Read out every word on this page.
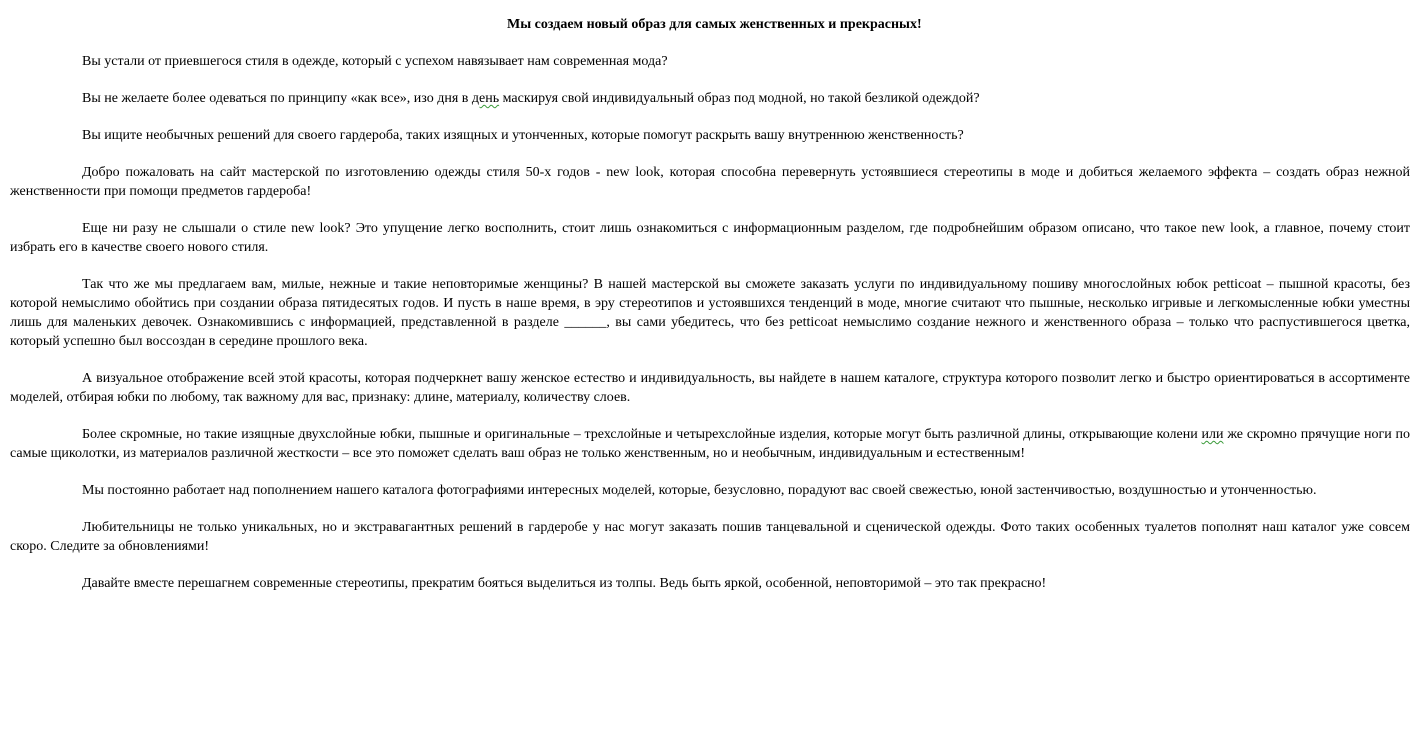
Мы создаем новый образ для самых женственных и прекрасных!

Вы устали от приевшегося стиля в одежде, который с успехом навязывает нам современная мода?

Вы не желаете более одеваться по принципу «как все», изо дня в день маскируя свой индивидуальный образ под модной, но такой безликой одеждой?

Вы ищите необычных решений для своего гардероба, таких изящных и утонченных, которые помогут раскрыть вашу внутреннюю женственность?

Добро пожаловать на сайт мастерской по изготовлению одежды стиля 50-х годов - new look, которая способна перевернуть устоявшиеся стереотипы в моде и добиться желаемого эффекта – создать образ нежной женственности при помощи предметов гардероба!

Еще ни разу не слышали о стиле new look? Это упущение легко восполнить, стоит лишь ознакомиться с информационным разделом, где подробнейшим образом описано, что такое new look, а главное, почему стоит избрать его в качестве своего нового стиля.

Так что же мы предлагаем вам, милые, нежные и такие неповторимые женщины? В нашей мастерской вы сможете заказать услуги по индивидуальному пошиву многослойных юбок petticoat – пышной красоты, без которой немыслимо обойтись при создании образа пятидесятых годов. И пусть в наше время, в эру стереотипов и устоявшихся тенденций в моде, многие считают что пышные, несколько игривые и легкомысленные юбки уместны лишь для маленьких девочек. Ознакомившись с информацией, представленной в разделе ______, вы сами убедитесь, что без petticoat немыслимо создание нежного и женственного образа – только что распустившегося цветка, который успешно был воссоздан в середине прошлого века.

А визуальное отображение всей этой красоты, которая подчеркнет вашу женское естество и индивидуальность, вы найдете в нашем каталоге, структура которого позволит легко и быстро ориентироваться в ассортименте моделей, отбирая юбки по любому, так важному для вас, признаку: длине, материалу, количеству слоев.

Более скромные, но такие изящные двухслойные юбки, пышные и оригинальные – трехслойные и четырехслойные изделия, которые могут быть различной длины, открывающие колени или же скромно прячущие ноги по самые щиколотки, из материалов различной жесткости – все это поможет сделать ваш образ не только женственным, но и необычным, индивидуальным и естественным!

Мы постоянно работает над пополнением нашего каталога фотографиями интересных моделей, которые, безусловно, порадуют вас своей свежестью, юной застенчивостью, воздушностью и утонченностью.

Любительницы не только уникальных, но и экстравагантных решений в гардеробе у нас могут заказать пошив танцевальной и сценической одежды. Фото таких особенных туалетов пополнят наш каталог уже совсем скоро. Следите за обновлениями!

Давайте вместе перешагнем современные стереотипы, прекратим бояться выделиться из толпы. Ведь быть яркой, особенной, неповторимой – это так прекрасно!
